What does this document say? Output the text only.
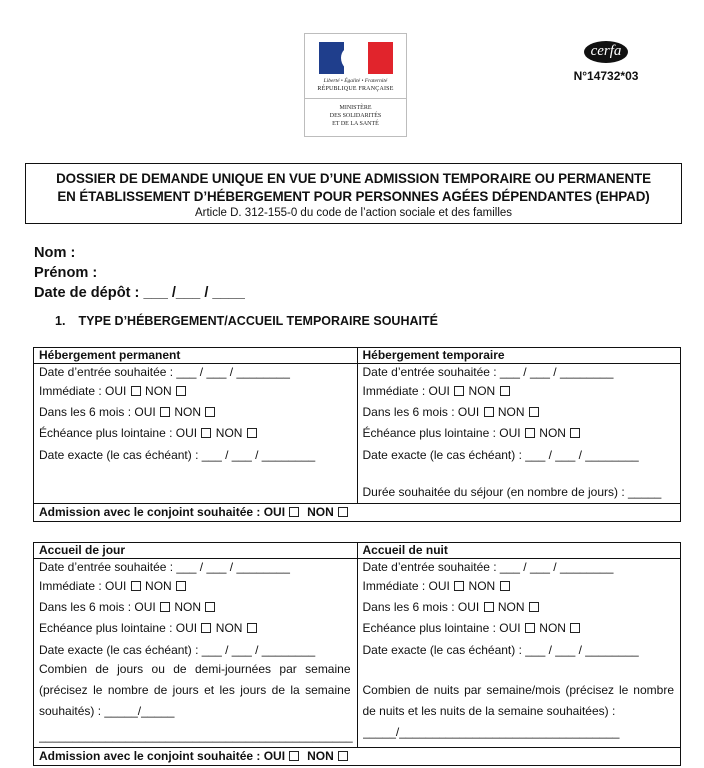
Liberté • Égalité • Fraternité
RÉPUBLIQUE FRANÇAISE
MINISTÈRE
DES SOLIDARITÉS
ET DE LA SANTÉ
cerfa
N°14732*03
DOSSIER DE DEMANDE UNIQUE EN VUE D’UNE ADMISSION TEMPORAIRE OU PERMANENTE
EN ÉTABLISSEMENT D’HÉBERGEMENT POUR PERSONNES AGÉES DÉPENDANTES (EHPAD)
Article D. 312-155-0 du code de l’action sociale et des familles
Nom :
Prénom :
Date de dépôt : ___ /___ / ____
1. TYPE D’HÉBERGEMENT/ACCUEIL TEMPORAIRE SOUHAITÉ
Hébergement permanent	Hébergement temporaire

Date d’entrée souhaitée : ___ / ___ / ________
Immédiate : OUI NON
Dans les 6 mois : OUI NON
Échéance plus lointaine : OUI NON
Date exacte (le cas échéant) : ___ / ___ / ________

Date d’entrée souhaitée : ___ / ___ / ________
Immédiate : OUI NON
Dans les 6 mois : OUI NON
Échéance plus lointaine : OUI NON
Date exacte (le cas échéant) : ___ / ___ / ________
Durée souhaitée du séjour (en nombre de jours) : _____

Admission avec le conjoint souhaitée : OUI NON	
Accueil de jour	Accueil de nuit

Date d’entrée souhaitée : ___ / ___ / ________
Immédiate : OUI NON
Dans les 6 mois : OUI NON
Echéance plus lointaine : OUI NON
Date exacte (le cas échéant) : ___ / ___ / ________
Combien de jours ou de demi-journées par semaine (précisez le nombre de jours et les jours de la semaine souhaités) : _____/_____
_______________________________________________

Date d’entrée souhaitée : ___ / ___ / ________
Immédiate : OUI NON
Dans les 6 mois : OUI NON
Echéance plus lointaine : OUI NON
Date exacte (le cas échéant) : ___ / ___ / ________
Combien de nuits par semaine/mois (précisez le nombre de nuits et les nuits de la semaine souhaitées) :
_____/_________________________________

Admission avec le conjoint souhaitée : OUI NON	
